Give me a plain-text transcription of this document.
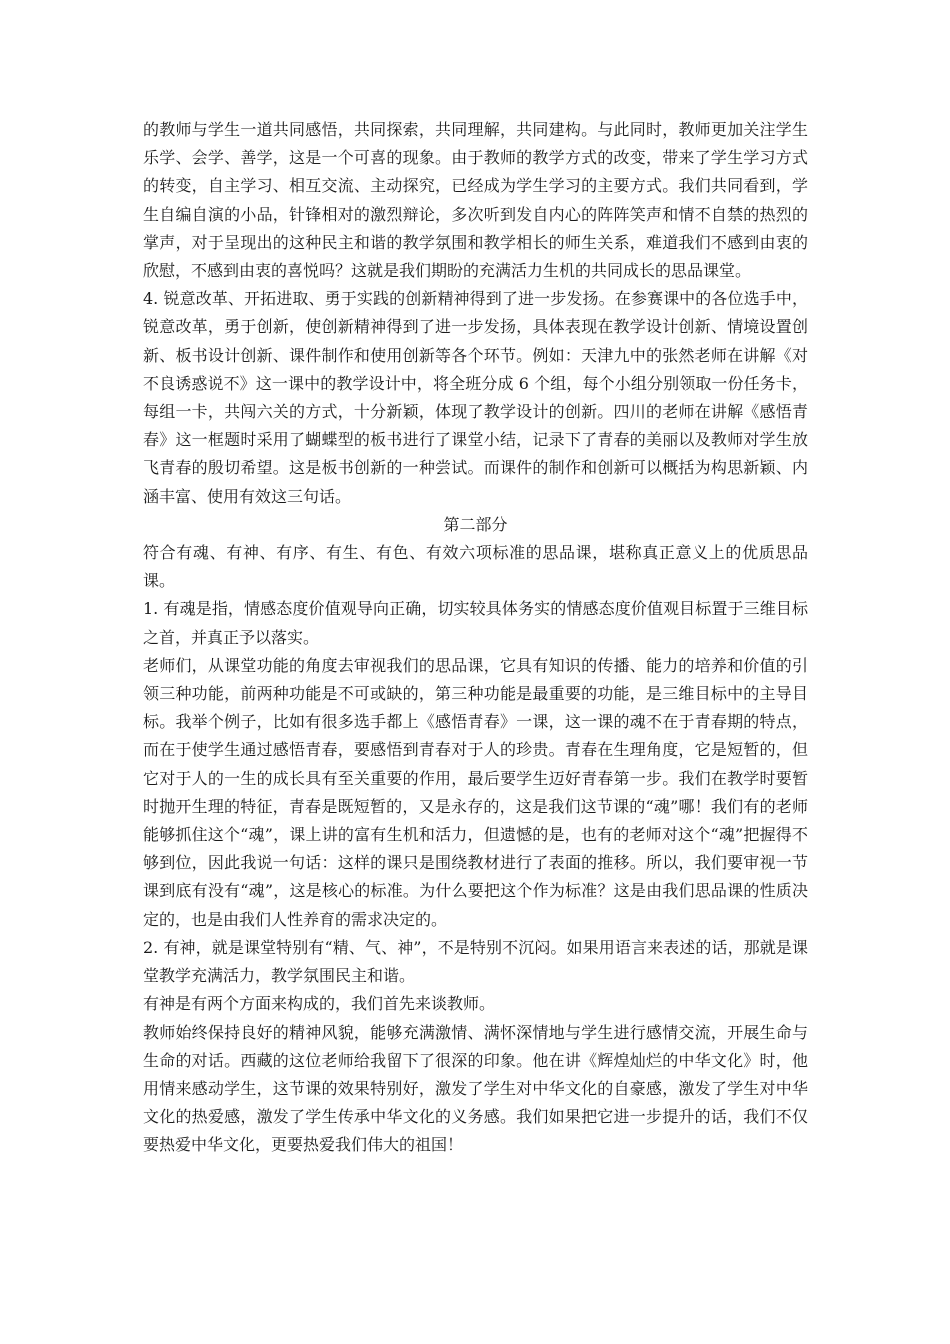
的教师与学生一道共同感悟，共同探索，共同理解，共同建构。与此同时，教师更加关注学生乐学、会学、善学，这是一个可喜的现象。由于教师的教学方式的改变，带来了学生学习方式的转变，自主学习、相互交流、主动探究，已经成为学生学习的主要方式。我们共同看到，学生自编自演的小品，针锋相对的激烈辩论，多次听到发自内心的阵阵笑声和情不自禁的热烈的掌声，对于呈现出的这种民主和谐的教学氛围和教学相长的师生关系，难道我们不感到由衷的欣慰，不感到由衷的喜悦吗？这就是我们期盼的充满活力生机的共同成长的思品课堂。

4. 锐意改革、开拓进取、勇于实践的创新精神得到了进一步发扬。在参赛课中的各位选手中，锐意改革，勇于创新，使创新精神得到了进一步发扬，具体表现在教学设计创新、情境设置创新、板书设计创新、课件制作和使用创新等各个环节。例如：天津九中的张然老师在讲解《对不良诱惑说不》这一课中的教学设计中，将全班分成 6 个组，每个小组分别领取一份任务卡，每组一卡，共闯六关的方式，十分新颖，体现了教学设计的创新。四川的老师在讲解《感悟青春》这一框题时采用了蝴蝶型的板书进行了课堂小结，记录下了青春的美丽以及教师对学生放飞青春的殷切希望。这是板书创新的一种尝试。而课件的制作和创新可以概括为构思新颖、内涵丰富、使用有效这三句话。

第二部分

符合有魂、有神、有序、有生、有色、有效六项标准的思品课，堪称真正意义上的优质思品课。

1. 有魂是指，情感态度价值观导向正确，切实较具体务实的情感态度价值观目标置于三维目标之首，并真正予以落实。

老师们，从课堂功能的角度去审视我们的思品课，它具有知识的传播、能力的培养和价值的引领三种功能，前两种功能是不可或缺的，第三种功能是最重要的功能，是三维目标中的主导目标。我举个例子，比如有很多选手都上《感悟青春》一课，这一课的魂不在于青春期的特点，而在于使学生通过感悟青春，要感悟到青春对于人的珍贵。青春在生理角度，它是短暂的，但它对于人的一生的成长具有至关重要的作用，最后要学生迈好青春第一步。我们在教学时要暂时抛开生理的特征，青春是既短暂的，又是永存的，这是我们这节课的“魂”哪！我们有的老师能够抓住这个“魂”，课上讲的富有生机和活力，但遗憾的是，也有的老师对这个“魂”把握得不够到位，因此我说一句话：这样的课只是围绕教材进行了表面的推移。所以，我们要审视一节课到底有没有“魂”，这是核心的标准。为什么要把这个作为标准？这是由我们思品课的性质决定的，也是由我们人性养育的需求决定的。

2. 有神，就是课堂特别有“精、气、神”，不是特别不沉闷。如果用语言来表述的话，那就是课堂教学充满活力，教学氛围民主和谐。

有神是有两个方面来构成的，我们首先来谈教师。

教师始终保持良好的精神风貌，能够充满激情、满怀深情地与学生进行感情交流，开展生命与生命的对话。西藏的这位老师给我留下了很深的印象。他在讲《辉煌灿烂的中华文化》时，他用情来感动学生，这节课的效果特别好，激发了学生对中华文化的自豪感，激发了学生对中华文化的热爱感，激发了学生传承中华文化的义务感。我们如果把它进一步提升的话，我们不仅要热爱中华文化，更要热爱我们伟大的祖国！
